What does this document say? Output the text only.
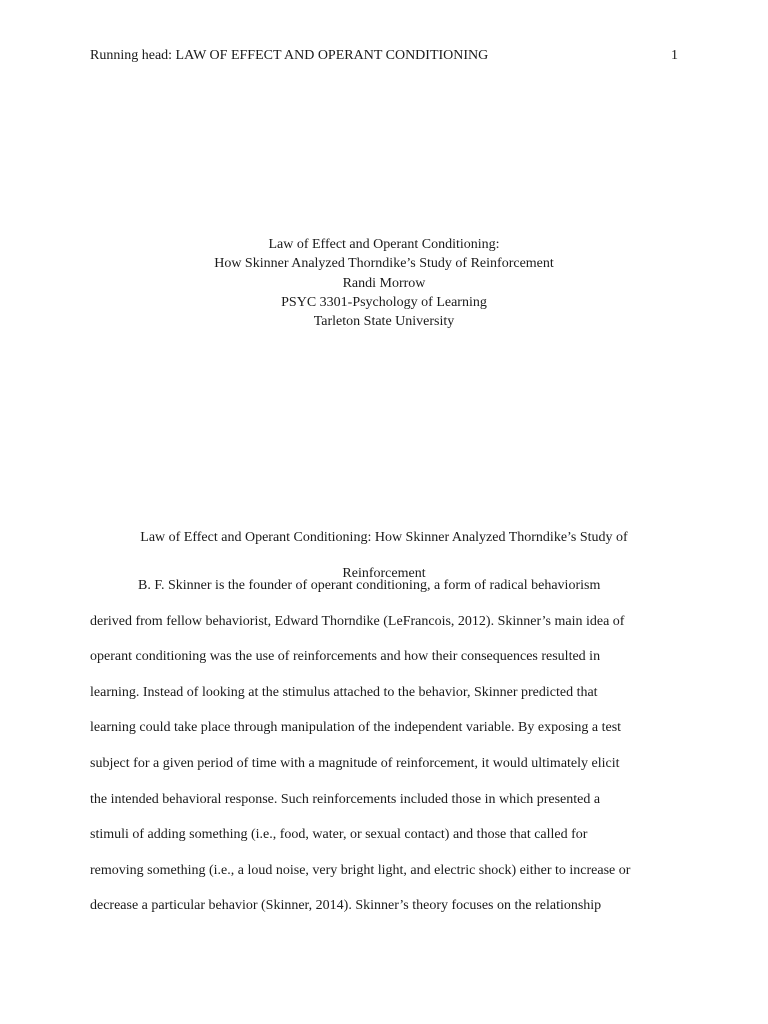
Running head: LAW OF EFFECT AND OPERANT CONDITIONING	1
Law of Effect and Operant Conditioning:
How Skinner Analyzed Thorndike’s Study of Reinforcement
Randi Morrow
PSYC 3301-Psychology of Learning
Tarleton State University
Law of Effect and Operant Conditioning: How Skinner Analyzed Thorndike’s Study of
Reinforcement
B. F. Skinner is the founder of operant conditioning, a form of radical behaviorism
derived from fellow behaviorist, Edward Thorndike (LeFrancois, 2012). Skinner’s main idea of
operant conditioning was the use of reinforcements and how their consequences resulted in
learning. Instead of looking at the stimulus attached to the behavior, Skinner predicted that
learning could take place through manipulation of the independent variable. By exposing a test
subject for a given period of time with a magnitude of reinforcement, it would ultimately elicit
the intended behavioral response. Such reinforcements included those in which presented a
stimuli of adding something (i.e., food, water, or sexual contact) and those that called for
removing something (i.e., a loud noise, very bright light, and electric shock) either to increase or
decrease a particular behavior (Skinner, 2014). Skinner’s theory focuses on the relationship
